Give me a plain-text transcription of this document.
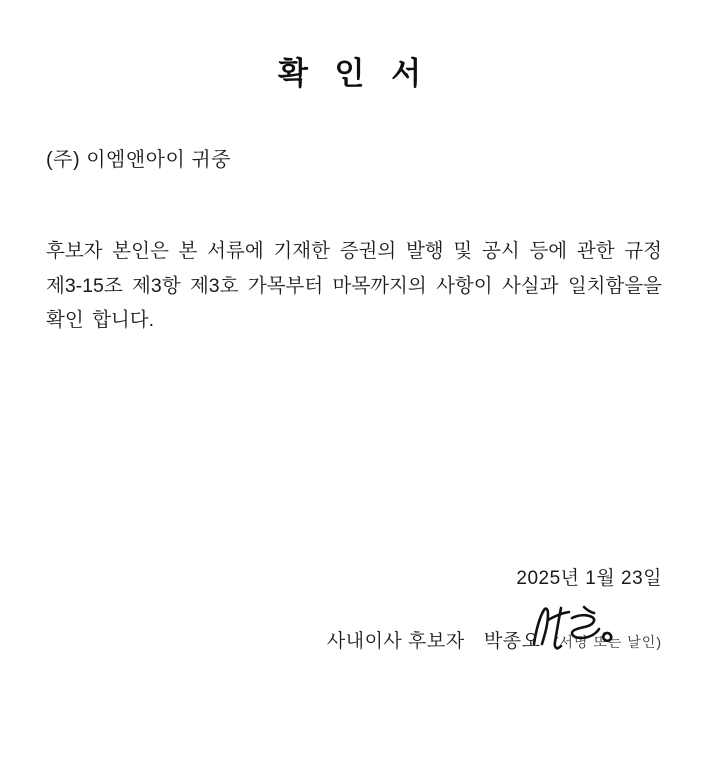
확 인 서
(주) 이엠앤아이 귀중

후보자 본인은 본 서류에 기재한 증권의 발행 및 공시 등에 관한 규정 제3-15조 제3항 제3호 가목부터 마목까지의 사항이 사실과 일치함을을 확인 합니다.

2025년 1월 23일
사내이사 후보자 박종오 (서명 또는 날인)
